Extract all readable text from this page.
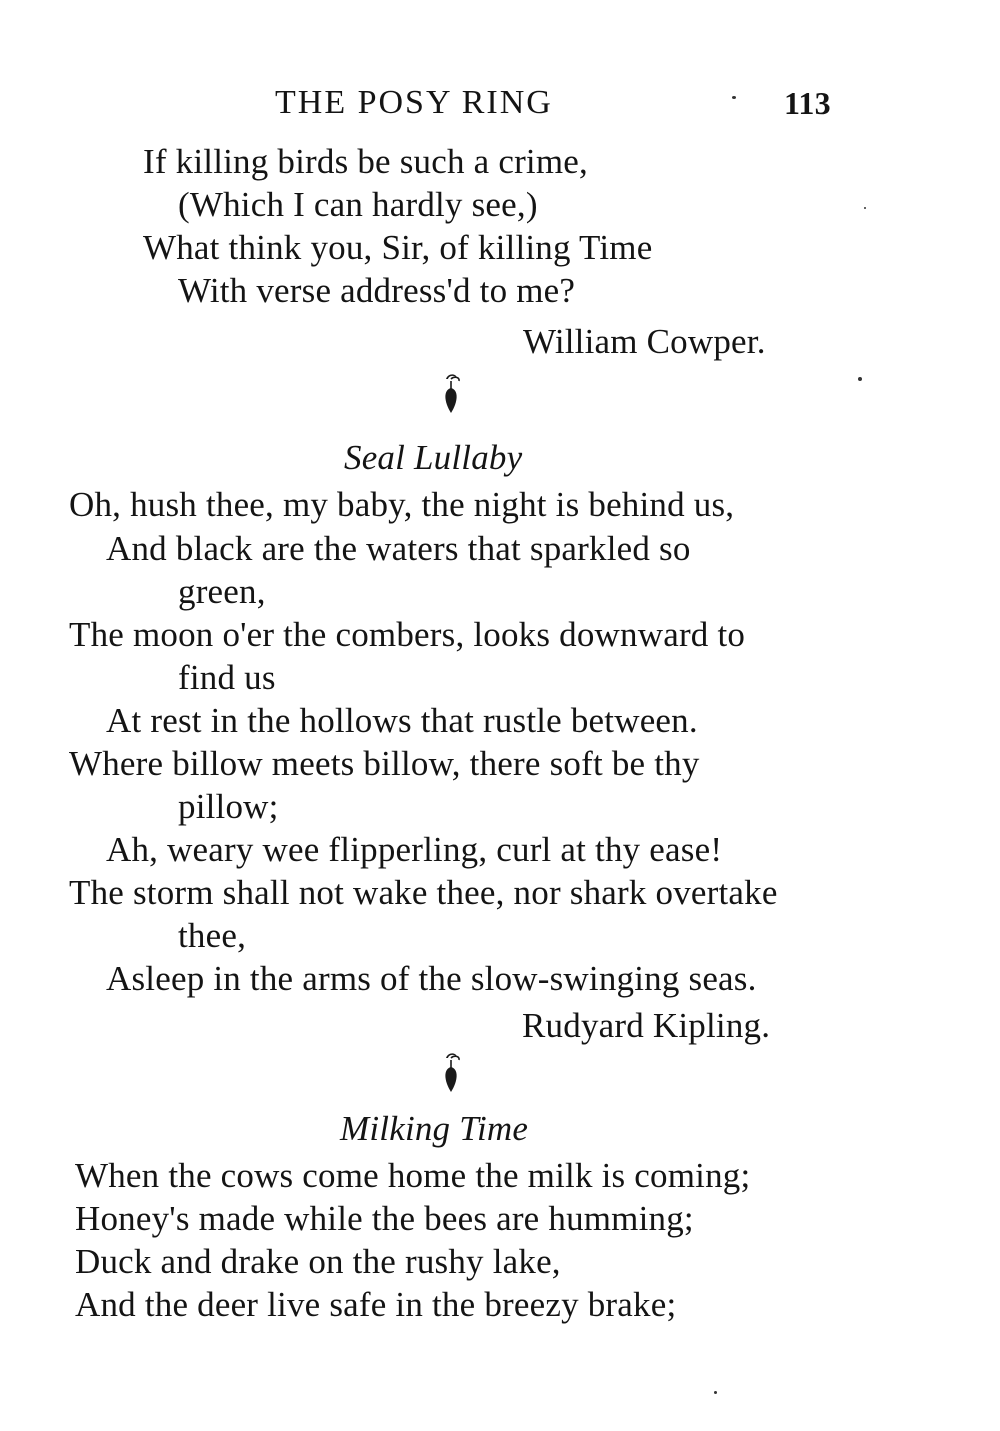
THE POSY RING	113
If killing birds be such a crime,
(Which I can hardly see,)
What think you, Sir, of killing Time
With verse address'd to me?
William Cowper.
Seal Lullaby
Oh, hush thee, my baby, the night is behind us,
And black are the waters that sparkled so
green,
The moon o'er the combers, looks downward to
find us
At rest in the hollows that rustle between.
Where billow meets billow, there soft be thy
pillow;
Ah, weary wee flipperling, curl at thy ease!
The storm shall not wake thee, nor shark overtake
thee,
Asleep in the arms of the slow-swinging seas.
Rudyard Kipling.
Milking Time
When the cows come home the milk is coming;
Honey's made while the bees are humming;
Duck and drake on the rushy lake,
And the deer live safe in the breezy brake;
